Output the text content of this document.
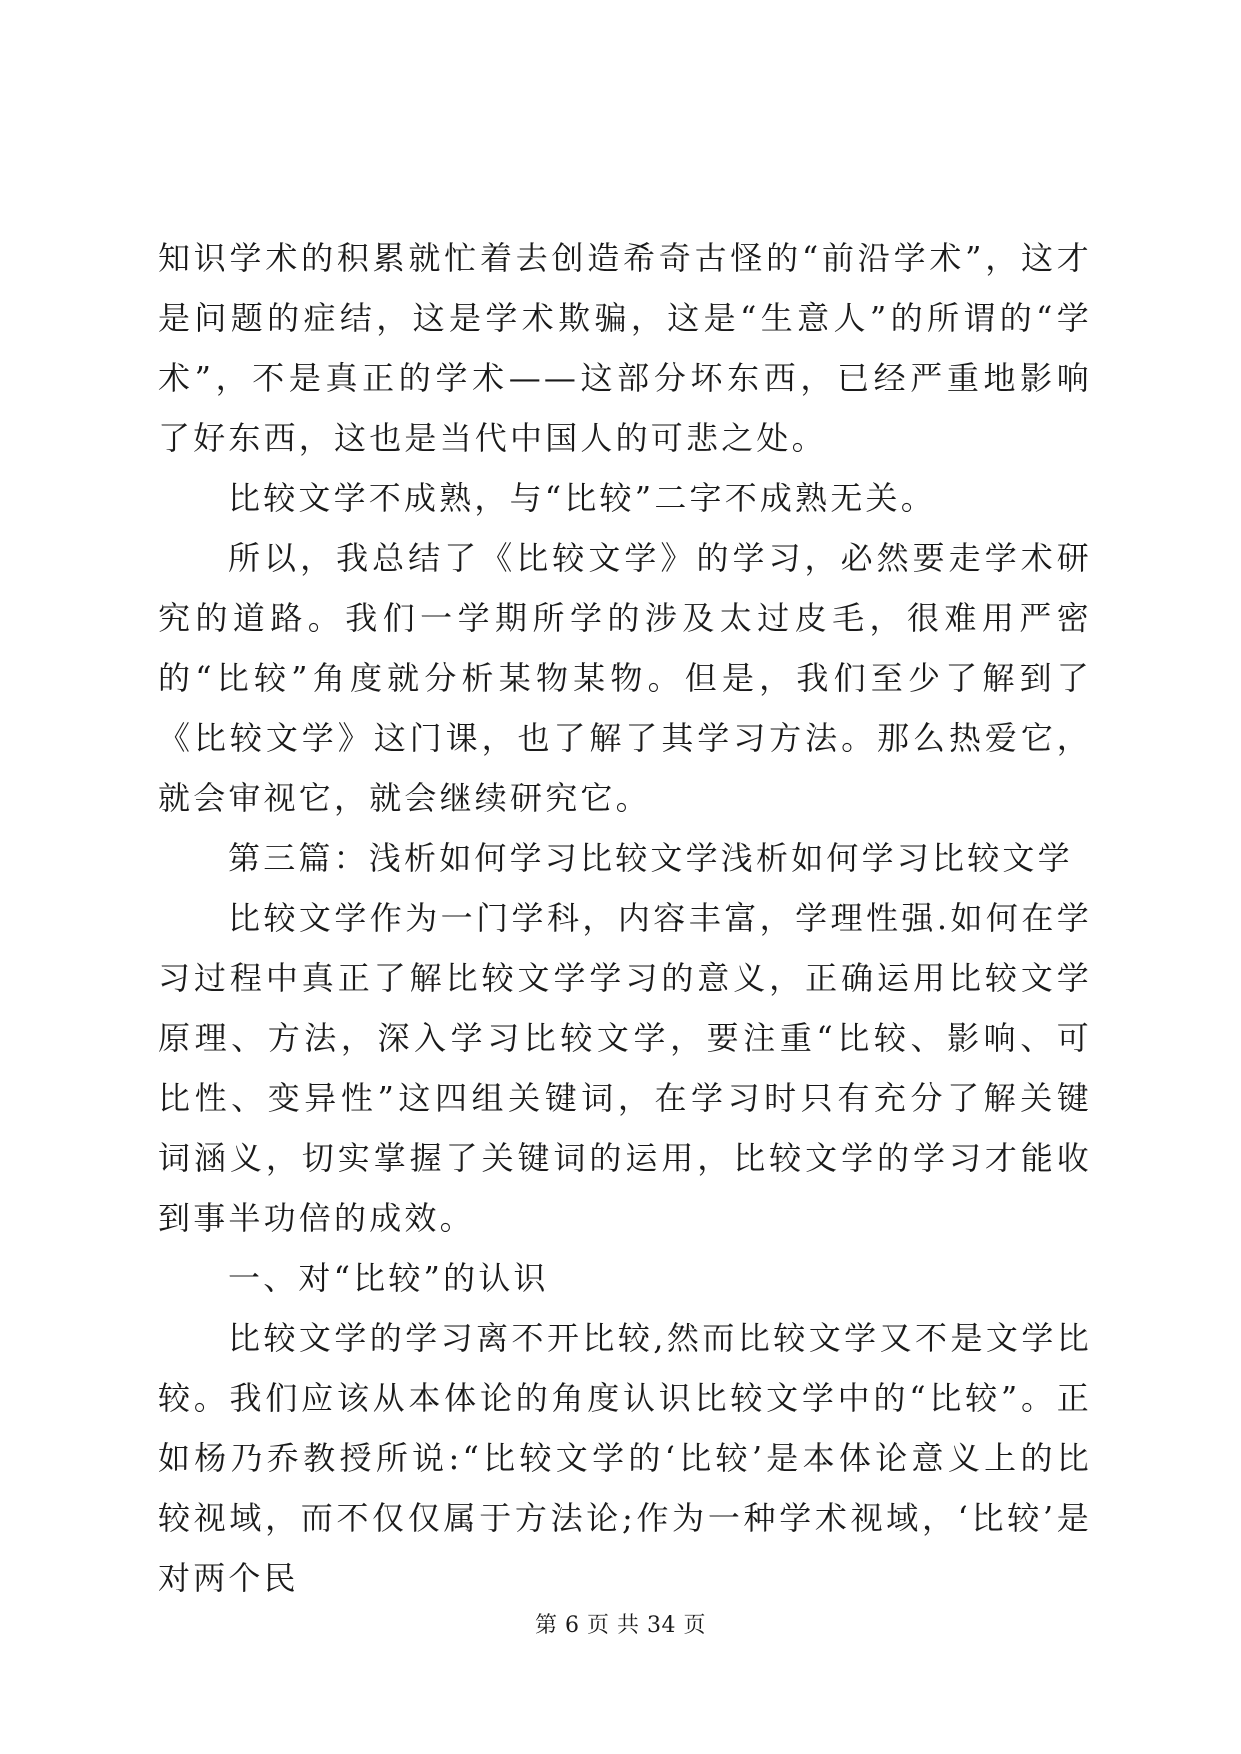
知识学术的积累就忙着去创造希奇古怪的“前沿学术”，这才是问题的症结，这是学术欺骗，这是“生意人”的所谓的“学术”，不是真正的学术——这部分坏东西，已经严重地影响了好东西，这也是当代中国人的可悲之处。

比较文学不成熟，与“比较”二字不成熟无关。

所以，我总结了《比较文学》的学习，必然要走学术研究的道路。我们一学期所学的涉及太过皮毛，很难用严密的“比较”角度就分析某物某物。但是，我们至少了解到了《比较文学》这门课，也了解了其学习方法。那么热爱它，就会审视它，就会继续研究它。

第三篇：浅析如何学习比较文学浅析如何学习比较文学

比较文学作为一门学科，内容丰富，学理性强.如何在学习过程中真正了解比较文学学习的意义，正确运用比较文学原理、方法，深入学习比较文学，要注重“比较、影响、可比性、变异性”这四组关键词，在学习时只有充分了解关键词涵义，切实掌握了关键词的运用，比较文学的学习才能收到事半功倍的成效。

一、对“比较”的认识

比较文学的学习离不开比较,然而比较文学又不是文学比较。我们应该从本体论的角度认识比较文学中的“比较”。正如杨乃乔教授所说:“比较文学的‘比较’是本体论意义上的比较视域，而不仅仅属于方法论;作为一种学术视域，‘比较’是对两个民

第 6 页 共 34 页
